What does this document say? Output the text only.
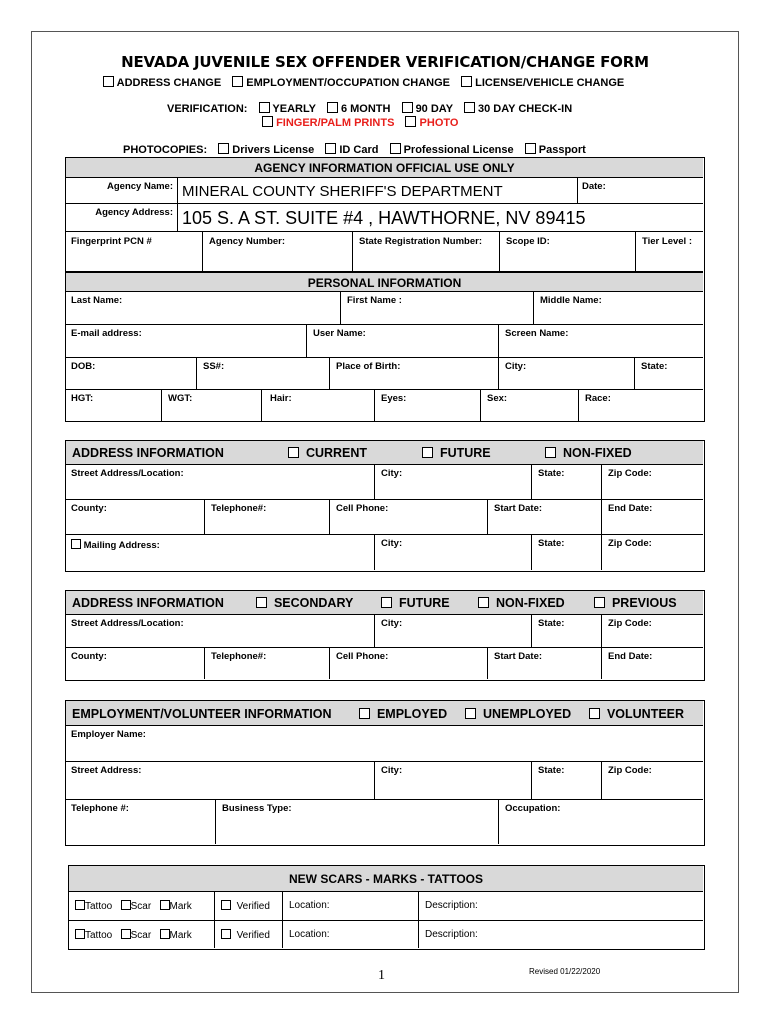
NEVADA JUVENILE SEX OFFENDER VERIFICATION/CHANGE FORM
ADDRESS CHANGE EMPLOYMENT/OCCUPATION CHANGE LICENSE/VEHICLE CHANGE
VERIFICATION: YEARLY 6 MONTH 90 DAY 30 DAY CHECK-IN
FINGER/PALM PRINTS PHOTO
PHOTOCOPIES: Drivers License ID Card Professional License Passport
AGENCY INFORMATION OFFICIAL USE ONLY
Agency Name: MINERAL COUNTY SHERIFF'S DEPARTMENT	Date:
Agency Address: 105 S. A ST. SUITE #4 , HAWTHORNE, NV 89415
Fingerprint PCN #	Agency Number:	State Registration Number:	Scope ID:	Tier Level :
PERSONAL INFORMATION
Last Name:	First Name :	Middle Name:
E-mail address:	User Name:	Screen Name:
DOB:	SS#:	Place of Birth:	City:	State:
HGT:	WGT:	Hair:	Eyes:	Sex:	Race:
ADDRESS INFORMATION	CURRENT	FUTURE	NON-FIXED
Street Address/Location:	City:	State:	Zip Code:
County:	Telephone#:	Cell Phone:	Start Date:	End Date:
Mailing Address:	City:	State:	Zip Code:
ADDRESS INFORMATION	SECONDARY	FUTURE	NON-FIXED	PREVIOUS
Street Address/Location:	City:	State:	Zip Code:
County:	Telephone#:	Cell Phone:	Start Date:	End Date:
EMPLOYMENT/VOLUNTEER INFORMATION	EMPLOYED	UNEMPLOYED	VOLUNTEER
Employer Name:
Street Address:	City:	State:	Zip Code:
Telephone #:	Business Type:	Occupation:
NEW SCARS - MARKS - TATTOOS
Tattoo Scar Mark	Verified Location:	Description:
Tattoo Scar Mark	Verified Location:	Description:
1	Revised 01/22/2020
